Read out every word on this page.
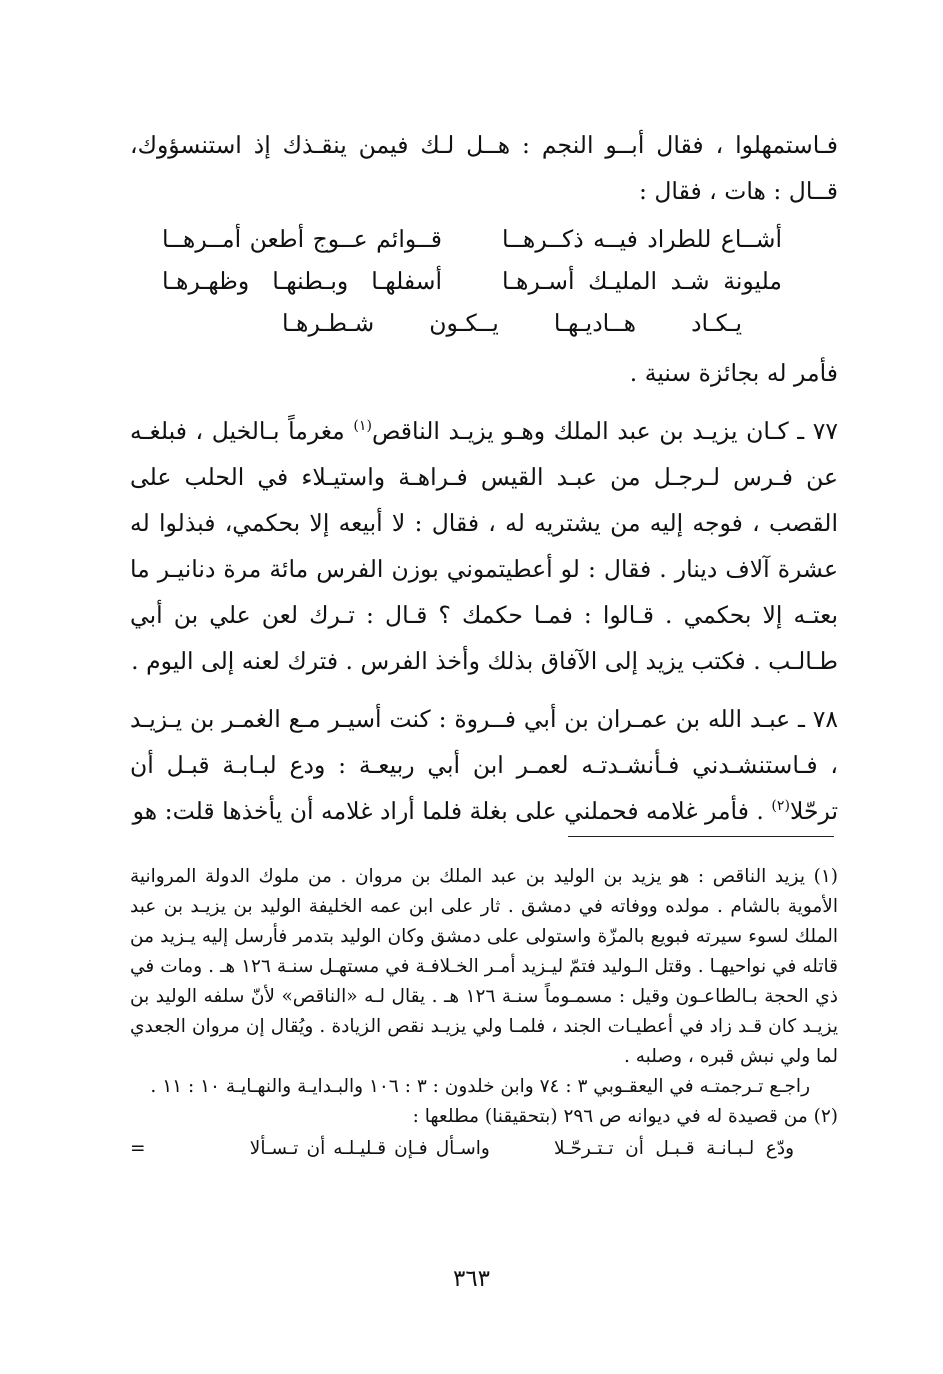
فـاستمهلوا ، فقال أبــو النجم : هــل لـك فيمن ينقـذك إذ استنسؤوك، قــال : هات ، فقال :

أشــاع للطراد فيــه ذكــرهــا
قــوائم عــوج أطعن أمــرهــا
مليونة شـد المليـك أسـرهـا
أسفلهـا وبـطنهـا وظهـرهـا
يـكـاد هــاديـهـا يــكـون شـطـرهـا

فأمر له بجائزة سنية .

٧٧ ـ كـان يزيـد بن عبد الملك وهـو يزيـد الناقص$^{(١)}$ مغرماً بـالخيل ، فبلغـه عن فـرس لـرجـل من عبـد القيس فـراهـة واستيـلاء في الحلب على القصب ، فوجه إليه من يشتريه له ، فقال : لا أبيعه إلا بحكمي، فبذلوا له عشرة آلاف دينار . فقال : لو أعطيتموني بوزن الفرس مائة مرة دنانيـر ما بعتـه إلا بحكمي . قـالوا : فمـا حكمك ؟ قـال : تـرك لعن علي بن أبي طـالـب . فكتب يزيد إلى الآفاق بذلك وأخذ الفرس . فترك لعنه إلى اليوم .

٧٨ ـ عبـد الله بن عمـران بن أبي فــروة : كنت أسيـر مـع الغمـر بن يـزيـد ، فـاستنشـدني فـأنشـدتـه لعمـر ابن أبي ربيعـة : ودع لبـابـة قبـل أن ترحّلا$^{(٢)}$ . فأمر غلامه فحملني على بغلة فلما أراد غلامه أن يأخذها قلت: هو

(١) يزيد الناقص : هو يزيد بن الوليد بن عبد الملك بن مروان . من ملوك الدولة المروانية الأموية بالشام . مولده ووفاته في دمشق . ثار على ابن عمه الخليفة الوليد بن يزيـد بن عبد الملك لسوء سيرته فبويع بالمزّة واستولى على دمشق وكان الوليد بتدمر فأرسل إليه يـزيد من قاتله في نواحيهـا . وقتل الـوليد فتمّ ليـزيد أمـر الخـلافـة في مستهـل سنـة ١٢٦ هـ . ومات في ذي الحجة بـالطاعـون وقيل : مسمـوماً سنـة ١٢٦ هـ . يقال لـه «الناقص» لأنّ سلفه الوليد بن يزيـد كان قـد زاد في أعطيـات الجند ، فلمـا ولي يزيـد نقص الزيادة . ويُقال إن مروان الجعدي لما ولي نبش قبره ، وصلبه .

راجـع تـرجمتـه في اليعقـوبي ٣ : ٧٤ وابن خلدون : ٣ : ١٠٦ والبـدايـة والنهـايـة ١٠ : ١١ .

(٢) من قصيدة له في ديوانه ص ٢٩٦ (بتحقيقنا) مطلعها :

ودّع لـبـانـة قـبـل أن تـتـرحّـلا
واسـأل فـإن قـليـلـه أن تـسـألا
=
٣٦٣
